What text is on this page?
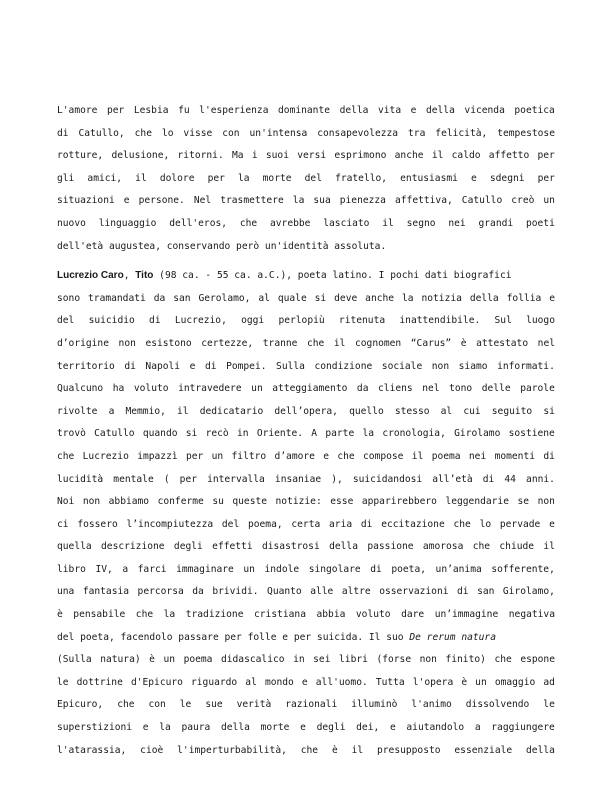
L'amore per Lesbia fu l'esperienza dominante della vita e della vicenda poetica
di Catullo, che lo visse con un'intensa consapevolezza tra felicità, tempestose
rotture, delusione, ritorni. Ma i suoi versi esprimono anche il caldo affetto per
gli amici, il dolore per la morte del fratello, entusiasmi e sdegni per
situazioni e persone. Nel trasmettere la sua pienezza affettiva, Catullo creò un
nuovo linguaggio dell'eros, che avrebbe lasciato il segno nei grandi poeti
dell'età augustea, conservando però un'identità assoluta.
Lucrezio Caro, Tito (98 ca. - 55 ca. a.C.), poeta latino. I pochi dati biografici
sono tramandati da san Gerolamo, al quale si deve anche la notizia della follia e
del suicidio di Lucrezio, oggi perlopiù ritenuta inattendibile. Sul luogo
d’origine non esistono certezze, tranne che il cognomen “Carus” è attestato nel
territorio di Napoli e di Pompei. Sulla condizione sociale non siamo informati.
Qualcuno ha voluto intravedere un atteggiamento da cliens nel tono delle parole
rivolte a Memmio, il dedicatario dell’opera, quello stesso al cui seguito si
trovò Catullo quando si recò in Oriente. A parte la cronologia, Girolamo sostiene
che Lucrezio impazzì per un filtro d’amore e che compose il poema nei momenti di
lucidità mentale ( per intervalla insaniae ), suicidandosi all’età di 44 anni.
Noi non abbiamo conferme su queste notizie: esse apparirebbero leggendarie se non
ci fossero l’incompiutezza del poema, certa aria di eccitazione che lo pervade e
quella descrizione degli effetti disastrosi della passione amorosa che chiude il
libro IV, a farci immaginare un indole singolare di poeta, un’anima sofferente,
una fantasia percorsa da brividi. Quanto alle altre osservazioni di san Girolamo,
è pensabile che la tradizione cristiana abbia voluto dare un’immagine negativa
del poeta, facendolo passare per folle e per suicida. Il suo De rerum natura
(Sulla natura) è un poema didascalico in sei libri (forse non finito) che espone
le dottrine d'Epicuro riguardo al mondo e all'uomo. Tutta l'opera è un omaggio ad
Epicuro, che con le sue verità razionali illuminò l'animo dissolvendo le
superstizioni e la paura della morte e degli dei, e aiutandolo a raggiungere
l'atarassia, cioè l'imperturbabilità, che è il presupposto essenziale della
